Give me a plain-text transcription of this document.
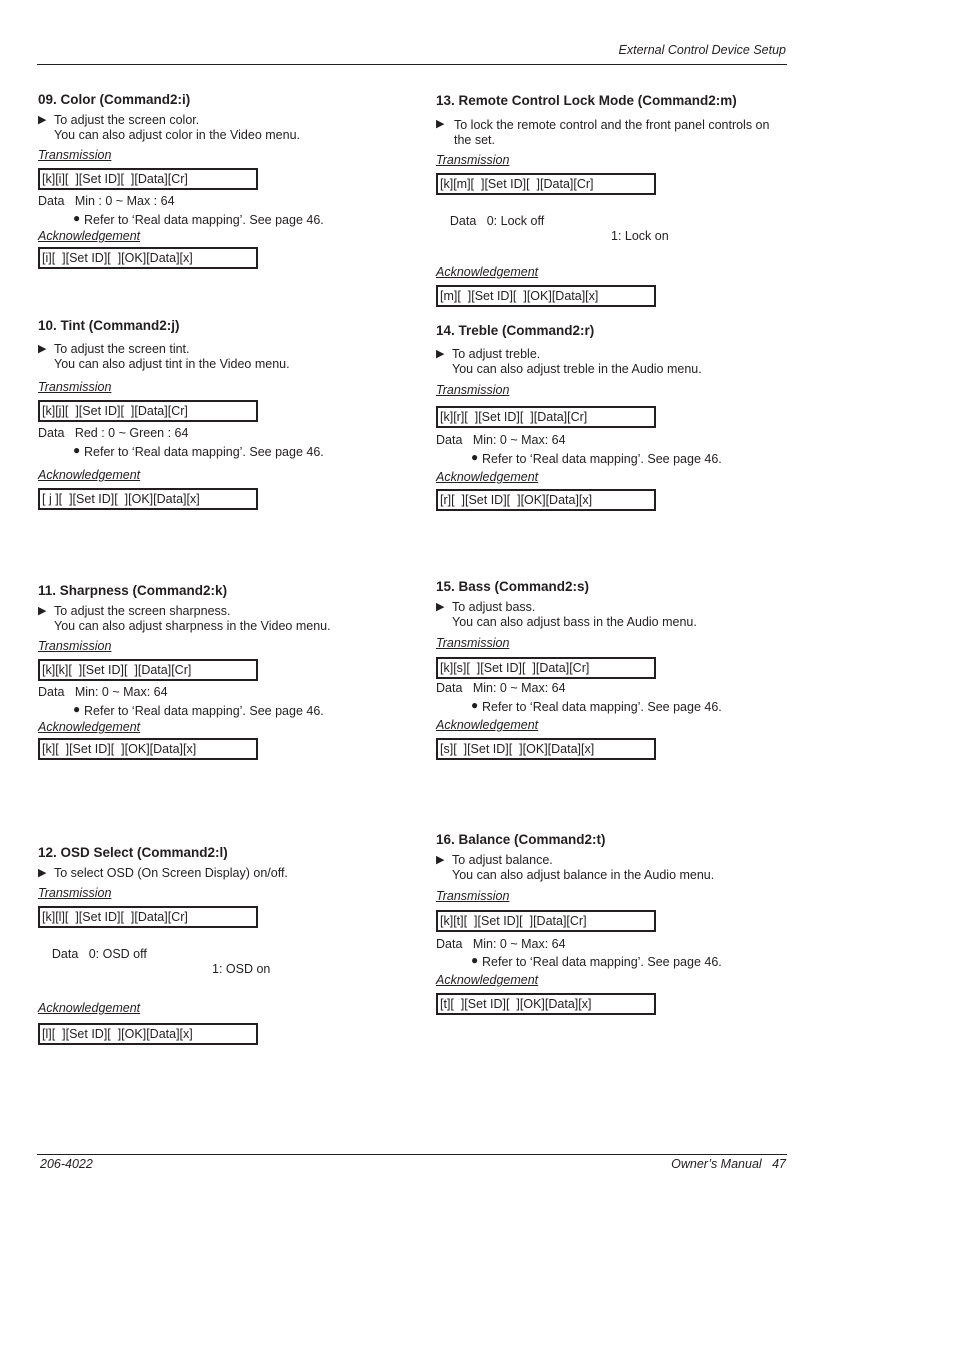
External Control Device Setup
09. Color (Command2:i)
▶ To adjust the screen color.
You can also adjust color in the Video menu.
Transmission
[k][i][  ][Set ID][  ][Data][Cr]
Data   Min : 0 ~ Max : 64
● Refer to ‘Real data mapping’. See page 46.
Acknowledgement
[i][  ][Set ID][  ][OK][Data][x]
10. Tint (Command2:j)
▶ To adjust the screen tint.
You can also adjust tint in the Video menu.
Transmission
[k][j][  ][Set ID][  ][Data][Cr]
Data   Red : 0 ~ Green : 64
● Refer to ‘Real data mapping’. See page 46.
Acknowledgement
[ j ][  ][Set ID][  ][OK][Data][x]
11. Sharpness (Command2:k)
▶ To adjust the screen sharpness.
You can also adjust sharpness in the Video menu.
Transmission
[k][k][  ][Set ID][  ][Data][Cr]
Data   Min: 0 ~ Max: 64
● Refer to ‘Real data mapping’. See page 46.
Acknowledgement
[k][  ][Set ID][  ][OK][Data][x]
12. OSD Select (Command2:l)
▶ To select OSD (On Screen Display) on/off.
Transmission
[k][l][  ][Set ID][  ][Data][Cr]

Data   0: OSD off

1: OSD on

Acknowledgement
[l][  ][Set ID][  ][OK][Data][x]
13. Remote Control Lock Mode (Command2:m)
▶ To lock the remote control and the front panel controls on the set.
Transmission
[k][m][  ][Set ID][  ][Data][Cr]

Data   0: Lock off

1: Lock on

Acknowledgement
[m][  ][Set ID][  ][OK][Data][x]
14. Treble (Command2:r)
▶ To adjust treble.
You can also adjust treble in the Audio menu.
Transmission
[k][r][  ][Set ID][  ][Data][Cr]
Data   Min: 0 ~ Max: 64
● Refer to ‘Real data mapping’. See page 46.
Acknowledgement
[r][  ][Set ID][  ][OK][Data][x]
15. Bass (Command2:s)
▶ To adjust bass.
You can also adjust bass in the Audio menu.
Transmission
[k][s][  ][Set ID][  ][Data][Cr]
Data   Min: 0 ~ Max: 64
● Refer to ‘Real data mapping’. See page 46.
Acknowledgement
[s][  ][Set ID][  ][OK][Data][x]
16. Balance (Command2:t)
▶ To adjust balance.
You can also adjust balance in the Audio menu.
Transmission
[k][t][  ][Set ID][  ][Data][Cr]
Data   Min: 0 ~ Max: 64
● Refer to ‘Real data mapping’. See page 46.
Acknowledgement
[t][  ][Set ID][  ][OK][Data][x]
206-4022	Owner’s Manual   47
